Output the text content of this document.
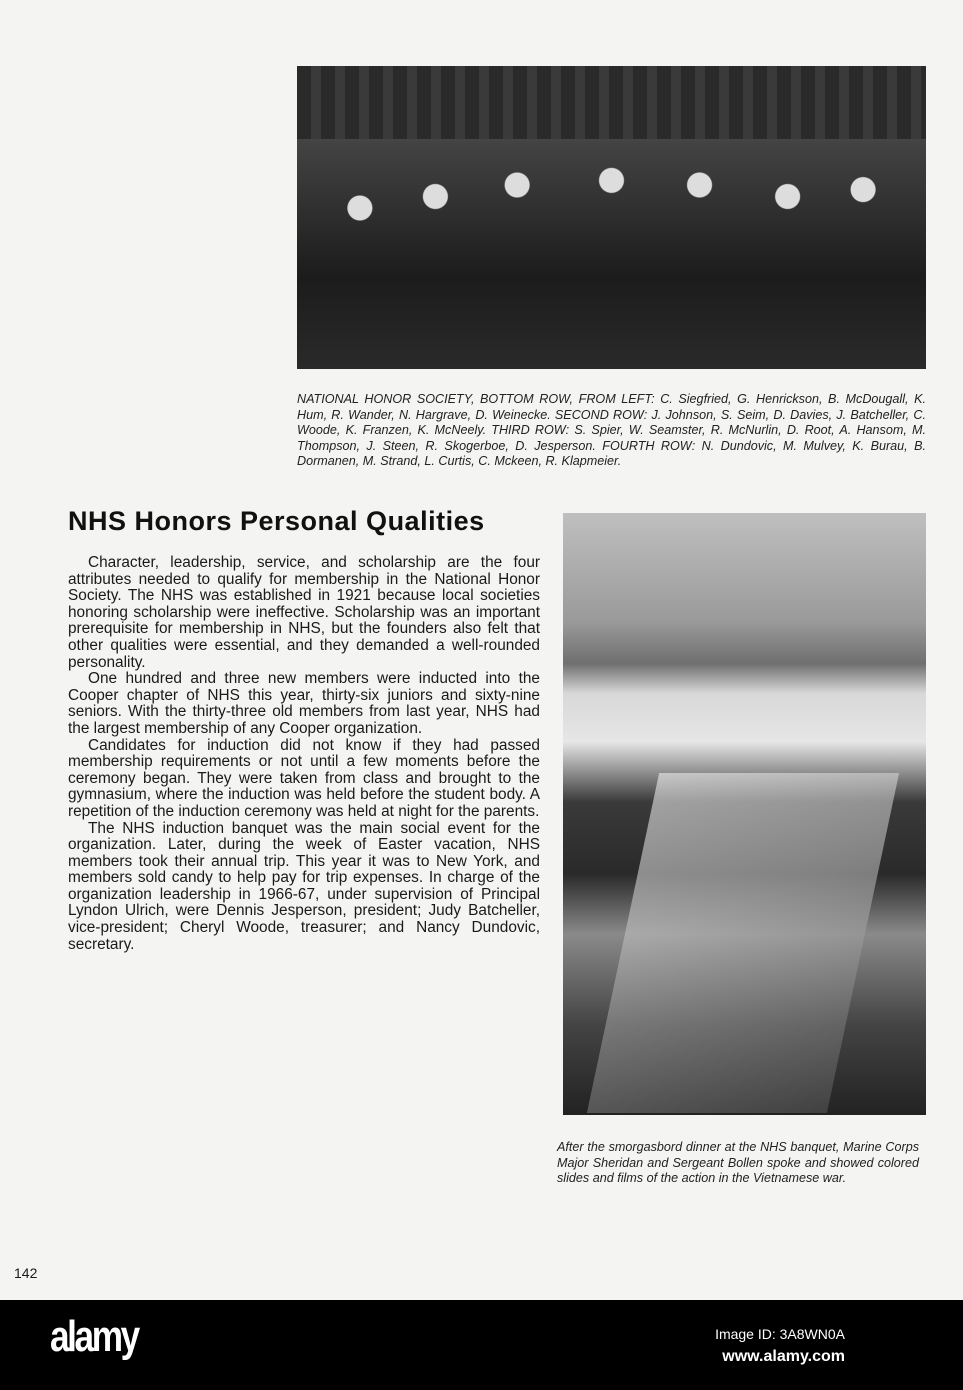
NATIONAL HONOR SOCIETY, BOTTOM ROW, FROM LEFT: C. Siegfried, G. Henrickson, B. McDougall, K. Hum, R. Wander, N. Hargrave, D. Weinecke. SECOND ROW: J. Johnson, S. Seim, D. Davies, J. Batcheller, C. Woode, K. Franzen, K. McNeely. THIRD ROW: S. Spier, W. Seamster, R. McNurlin, D. Root, A. Hansom, M. Thompson, J. Steen, R. Skogerboe, D. Jesperson. FOURTH ROW: N. Dundovic, M. Mulvey, K. Burau, B. Dormanen, M. Strand, L. Curtis, C. Mckeen, R. Klapmeier.
NHS Honors Personal Qualities

Character, leadership, service, and scholarship are the four attributes needed to qualify for membership in the National Honor Society. The NHS was established in 1921 because local societies honoring scholarship were ineffective. Scholarship was an important prerequisite for membership in NHS, but the founders also felt that other qualities were essential, and they demanded a well-rounded personality.

One hundred and three new members were inducted into the Cooper chapter of NHS this year, thirty-six juniors and sixty-nine seniors. With the thirty-three old members from last year, NHS had the largest membership of any Cooper organization.

Candidates for induction did not know if they had passed membership requirements or not until a few moments before the ceremony began. They were taken from class and brought to the gymnasium, where the induction was held before the student body. A repetition of the induction ceremony was held at night for the parents.

The NHS induction banquet was the main social event for the organization. Later, during the week of Easter vacation, NHS members took their annual trip. This year it was to New York, and members sold candy to help pay for trip expenses. In charge of the organization leadership in 1966-67, under supervision of Principal Lyndon Ulrich, were Dennis Jesperson, president; Judy Batcheller, vice-president; Cheryl Woode, treasurer; and Nancy Dundovic, secretary.

After the smorgasbord dinner at the NHS banquet, Marine Corps Major Sheridan and Sergeant Bollen spoke and showed colored slides and films of the action in the Vietnamese war.
142
alamy	Image ID: 3A8WN0A
www.alamy.com
